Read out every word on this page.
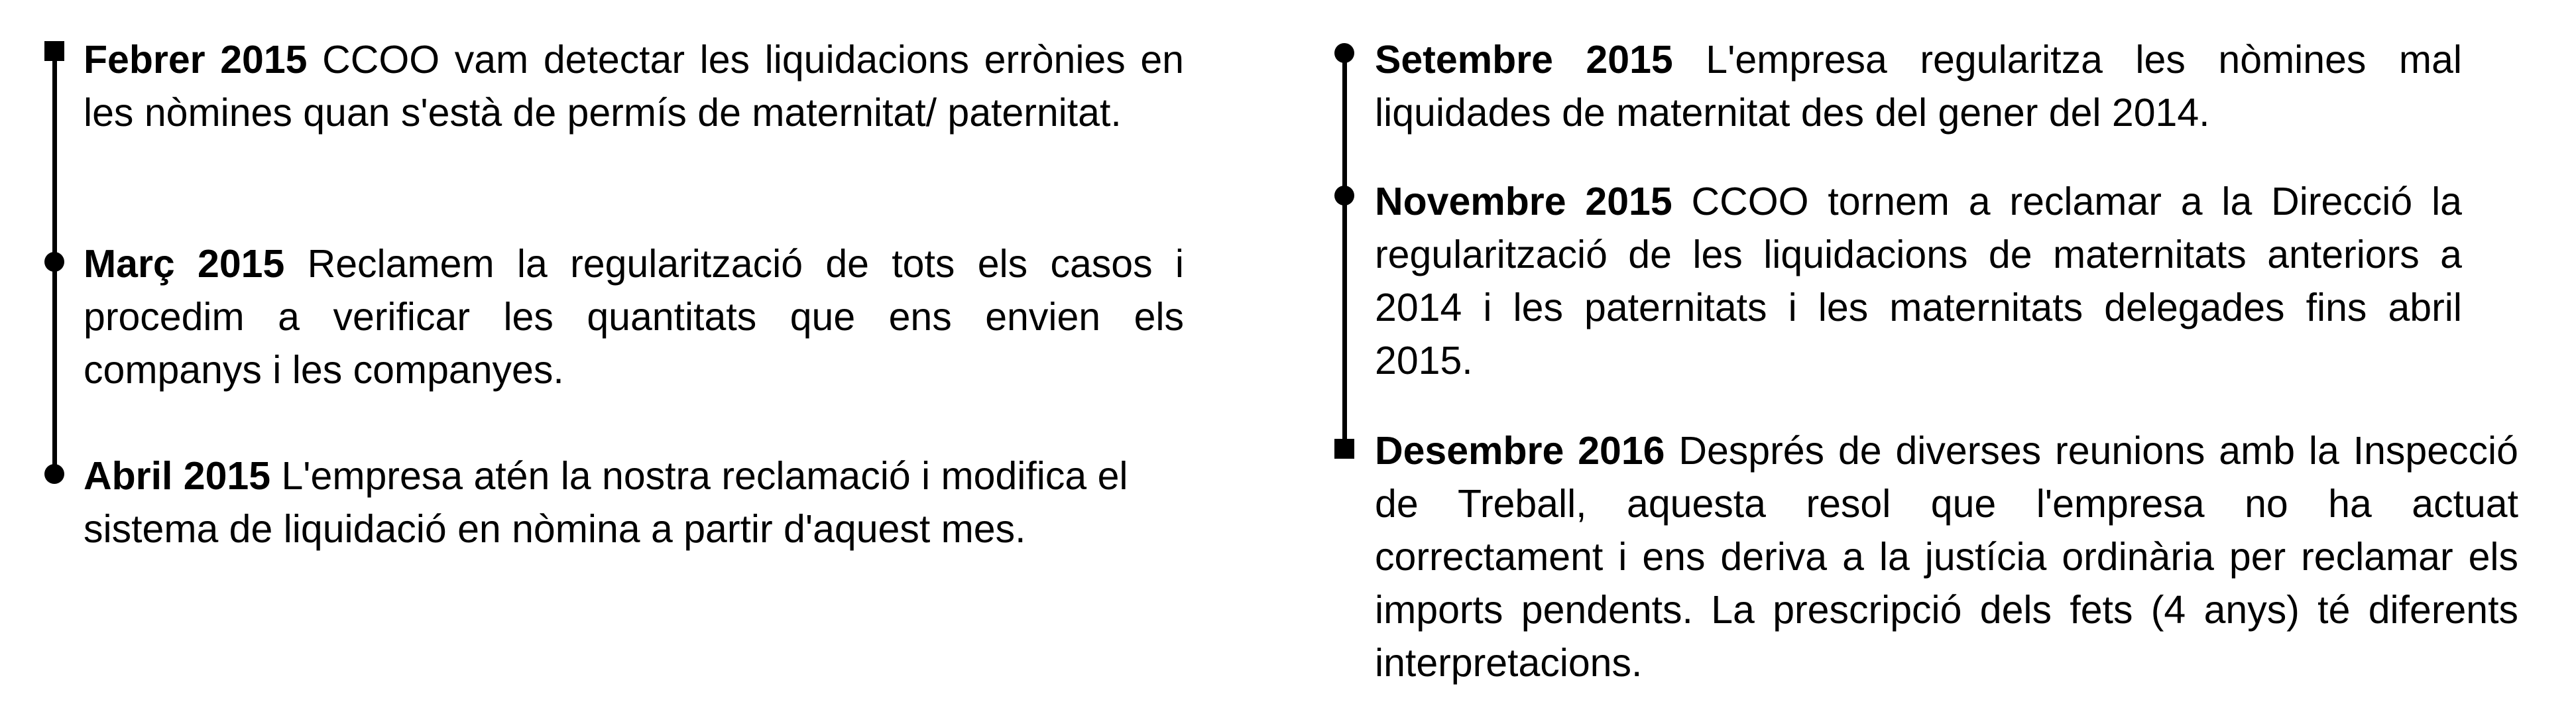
Febrer 2015 CCOO vam detectar les liquidacions errònies en les nòmines quan s'està de permís de maternitat/ paternitat.
Març 2015 Reclamem la regularització de tots els casos i procedim a verificar les quantitats que ens envien els companys i les companyes.
Abril 2015 L'empresa atén la nostra reclamació i modifica el sistema de liquidació en nòmina a partir d'aquest mes.
Setembre 2015 L'empresa regularitza les nòmines mal liquidades de maternitat des del gener del 2014.
Novembre 2015 CCOO tornem a reclamar a la Direcció la regularització de les liquidacions de maternitats anteriors a 2014 i les paternitats i les maternitats delegades fins abril 2015.
Desembre 2016 Després de diverses reunions amb la Inspecció de Treball, aquesta resol que l'empresa no ha actuat correctament i ens deriva a la justícia ordinària per reclamar els imports pendents. La prescripció dels fets (4 anys) té diferents interpretacions.
